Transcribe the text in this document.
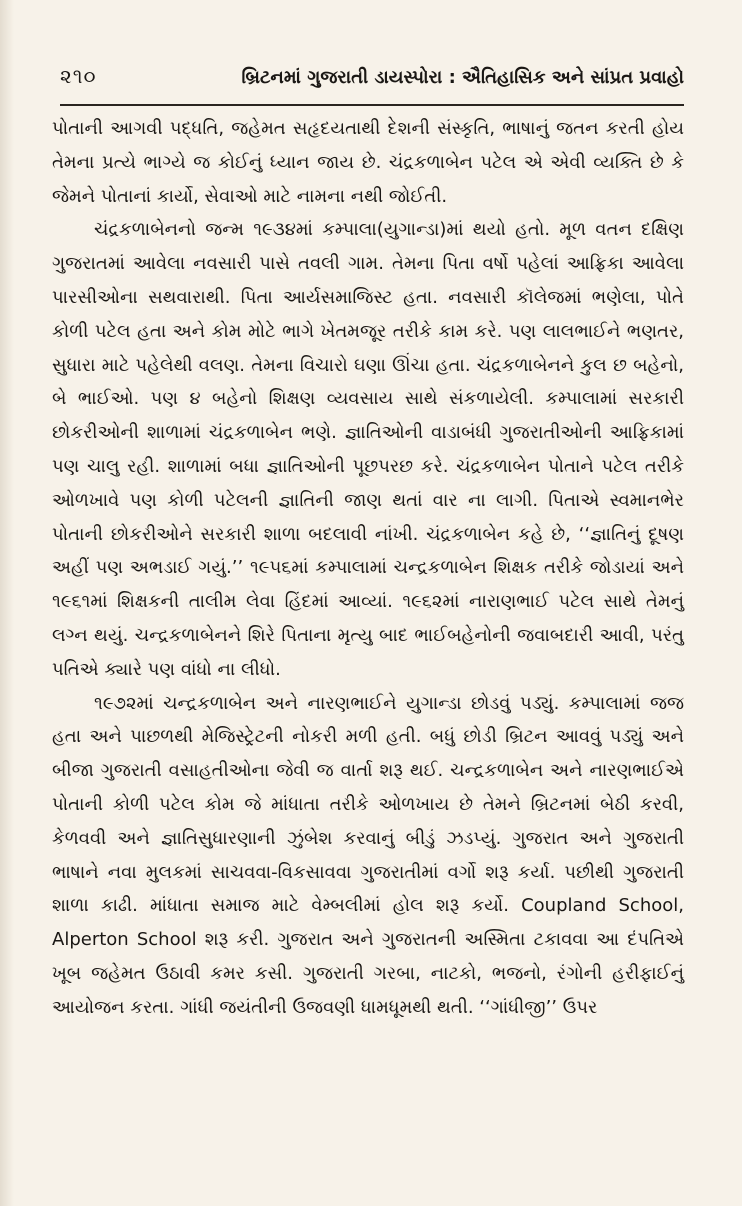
૨૧૦	બ્રિટનમાં ગુજરાતી ડાયસ્પોરા : ઐતિહાસિક અને સાંપ્રત પ્રવાહો

પોતાની આગવી પદ્ધતિ, જહેમત સહૃદયતાથી દેશની સંસ્કૃતિ, ભાષાનું જતન કરતી હોય તેમના પ્રત્યે ભાગ્યે જ કોઈનું ધ્યાન જાય છે. ચંદ્રકળાબેન પટેલ એ એવી વ્યક્તિ છે કે જેમને પોતાનાં કાર્યો, સેવાઓ માટે નામના નથી જોઈતી.

ચંદ્રકળાબેનનો જન્મ ૧૯૩૪માં કમ્પાલા(યુગાન્ડા)માં થયો હતો. મૂળ વતન દક્ષિણ ગુજરાતમાં આવેલા નવસારી પાસે તવલી ગામ. તેમના પિતા વર્ષો પહેલાં આફ્રિકા આવેલા પારસીઓના સથવારાથી. પિતા આર્યસમાજિસ્ટ હતા. નવસારી કૉલેજમાં ભણેલા, પોતે કોળી પટેલ હતા અને કોમ મોટે ભાગે ખેતમજૂર તરીકે કામ કરે. પણ લાલભાઈને ભણતર, સુધારા માટે પહેલેથી વલણ. તેમના વિચારો ઘણા ઊંચા હતા. ચંદ્રકળાબેનને કુલ છ બહેનો, બે ભાઈઓ. પણ ૪ બહેનો શિક્ષણ વ્યવસાય સાથે સંકળાયેલી. કમ્પાલામાં સરકારી છોકરીઓની શાળામાં ચંદ્રકળાબેન ભણે. જ્ઞાતિઓની વાડાબંધી ગુજરાતીઓની આફ્રિકામાં પણ ચાલુ રહી. શાળામાં બધા જ્ઞાતિઓની પૂછપરછ કરે. ચંદ્રકળાબેન પોતાને પટેલ તરીકે ઓળખાવે પણ કોળી પટેલની જ્ઞાતિની જાણ થતાં વાર ના લાગી. પિતાએ સ્વમાનભેર પોતાની છોકરીઓને સરકારી શાળા બદલાવી નાંખી. ચંદ્રકળાબેન કહે છે, ‘‘જ્ઞાતિનું દૂષણ અહીં પણ અભડાઈ ગયું.’’ ૧૯૫૬માં કમ્પાલામાં ચન્દ્રકળાબેન શિક્ષક તરીકે જોડાયાં અને ૧૯૬૧માં શિક્ષકની તાલીમ લેવા હિંદમાં આવ્યાં. ૧૯૬૨માં નારાણભાઈ પટેલ સાથે તેમનું લગ્ન થયું. ચન્દ્રકળાબેનને શિરે પિતાના મૃત્યુ બાદ ભાઈબહેનોની જવાબદારી આવી, પરંતુ પતિએ ક્યારે પણ વાંધો ના લીધો.

૧૯૭૨માં ચન્દ્રકળાબેન અને નારણભાઈને યુગાન્ડા છોડવું પડ્યું. કમ્પાલામાં જજ હતા અને પાછળથી મેજિસ્ટ્રેટની નોકરી મળી હતી. બધું છોડી બ્રિટન આવવું પડ્યું અને બીજા ગુજરાતી વસાહતીઓના જેવી જ વાર્તા શરૂ થઈ. ચન્દ્રકળાબેન અને નારણભાઈએ પોતાની કોળી પટેલ કોમ જે માંધાતા તરીકે ઓળખાય છે તેમને બ્રિટનમાં બેઠી કરવી, કેળવવી અને જ્ઞાતિસુધારણાની ઝુંબેશ કરવાનું બીડું ઝડપ્યું. ગુજરાત અને ગુજરાતી ભાષાને નવા મુલકમાં સાચવવા-વિકસાવવા ગુજરાતીમાં વર્ગો શરૂ કર્યા. પછીથી ગુજરાતી શાળા કાઢી. માંધાતા સમાજ માટે વેમ્બલીમાં હોલ શરૂ કર્યો. Coupland School, Alperton School શરૂ કરી. ગુજરાત અને ગુજરાતની અસ્મિતા ટકાવવા આ દંપતિએ ખૂબ જહેમત ઉઠાવી કમર કસી. ગુજરાતી ગરબા, નાટકો, ભજનો, રંગોની હરીફાઈનું આયોજન કરતા. ગાંધી જયંતીની ઉજવણી ધામધૂમથી થતી. ‘‘ગાંધીજી’’ ઉપર
